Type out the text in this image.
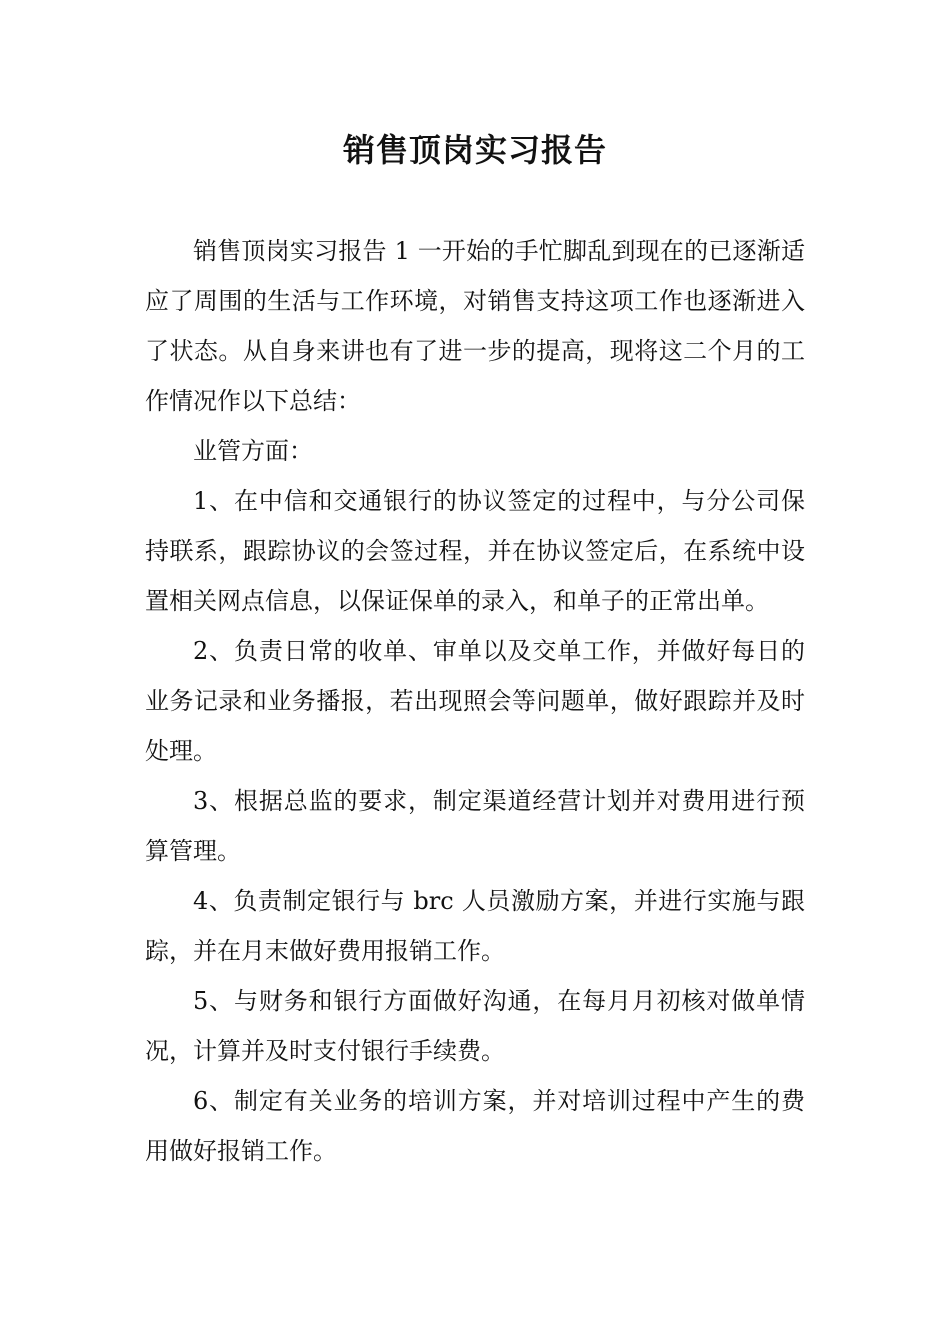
销售顶岗实习报告

销售顶岗实习报告 1 一开始的手忙脚乱到现在的已逐渐适应了周围的生活与工作环境，对销售支持这项工作也逐渐进入了状态。从自身来讲也有了进一步的提高，现将这二个月的工作情况作以下总结：

业管方面：

1、在中信和交通银行的协议签定的过程中，与分公司保持联系，跟踪协议的会签过程，并在协议签定后，在系统中设置相关网点信息，以保证保单的录入，和单子的正常出单。

2、负责日常的收单、审单以及交单工作，并做好每日的业务记录和业务播报，若出现照会等问题单，做好跟踪并及时处理。

3、根据总监的要求，制定渠道经营计划并对费用进行预算管理。

4、负责制定银行与 brc 人员激励方案，并进行实施与跟踪，并在月末做好费用报销工作。

5、与财务和银行方面做好沟通，在每月月初核对做单情况，计算并及时支付银行手续费。

6、制定有关业务的培训方案，并对培训过程中产生的费用做好报销工作。
